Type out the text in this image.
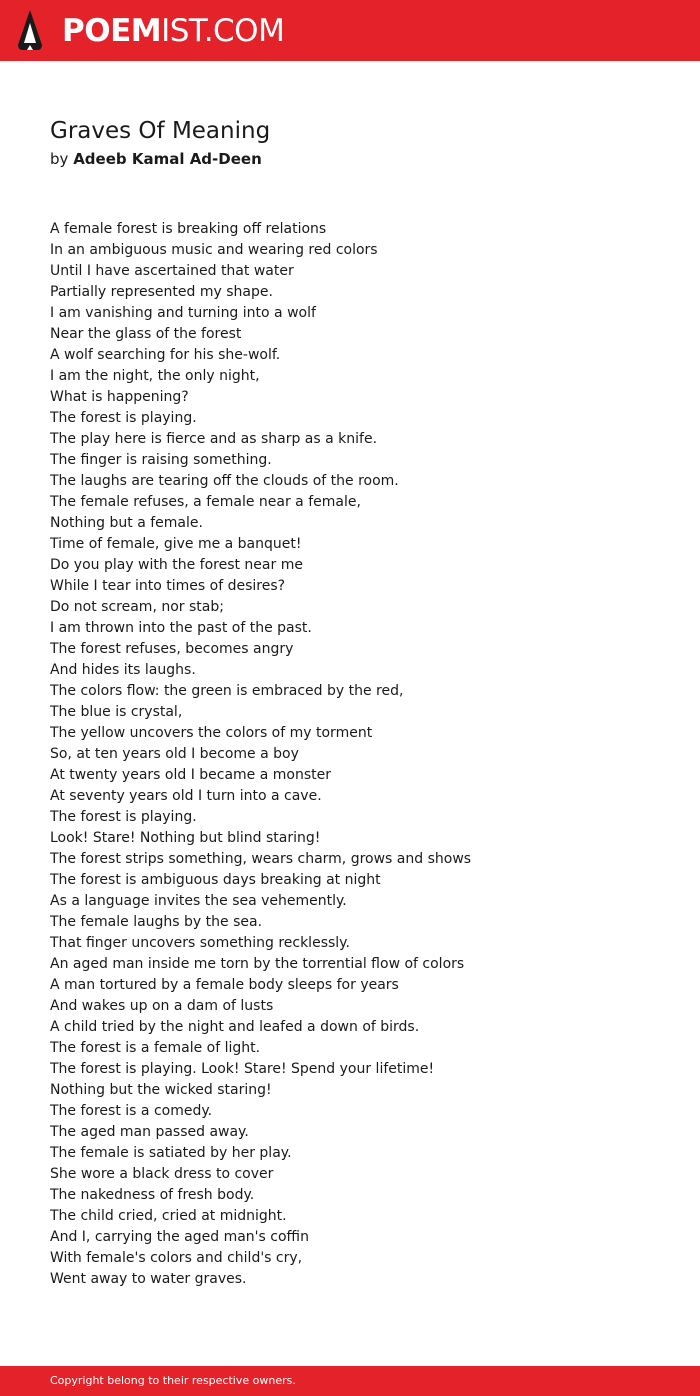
POEMIST.COM
Graves Of Meaning
by Adeeb Kamal Ad-Deen
A female forest is breaking off relations
In an ambiguous music and wearing red colors
Until I have ascertained that water
Partially represented my shape.
I am vanishing and turning into a wolf
Near the glass of the forest
A wolf searching for his she-wolf.
I am the night, the only night,
What is happening?
The forest is playing.
The play here is fierce and as sharp as a knife.
The finger is raising something.
The laughs are tearing off the clouds of the room.
The female refuses, a female near a female,
Nothing but a female.
Time of female, give me a banquet!
Do you play with the forest near me
While I tear into times of desires?
Do not scream, nor stab;
I am thrown into the past of the past.
The forest refuses, becomes angry
And hides its laughs.
The colors flow: the green is embraced by the red,
The blue is crystal,
The yellow uncovers the colors of my torment
So, at ten years old I become a boy
At twenty years old I became a monster
At seventy years old I turn into a cave.
The forest is playing.
Look! Stare! Nothing but blind staring!
The forest strips something, wears charm, grows and shows
The forest is ambiguous days breaking at night
As a language invites the sea vehemently.
The female laughs by the sea.
That finger uncovers something recklessly.
An aged man inside me torn by the torrential flow of colors
A man tortured by a female body sleeps for years
And wakes up on a dam of lusts
A child tried by the night and leafed a down of birds.
The forest is a female of light.
The forest is playing. Look! Stare! Spend your lifetime!
Nothing but the wicked staring!
The forest is a comedy.
The aged man passed away.
The female is satiated by her play.
She wore a black dress to cover
The nakedness of fresh body.
The child cried, cried at midnight.
And I, carrying the aged man's coffin
With female's colors and child's cry,
Went away to water graves.
Copyright belong to their respective owners.
